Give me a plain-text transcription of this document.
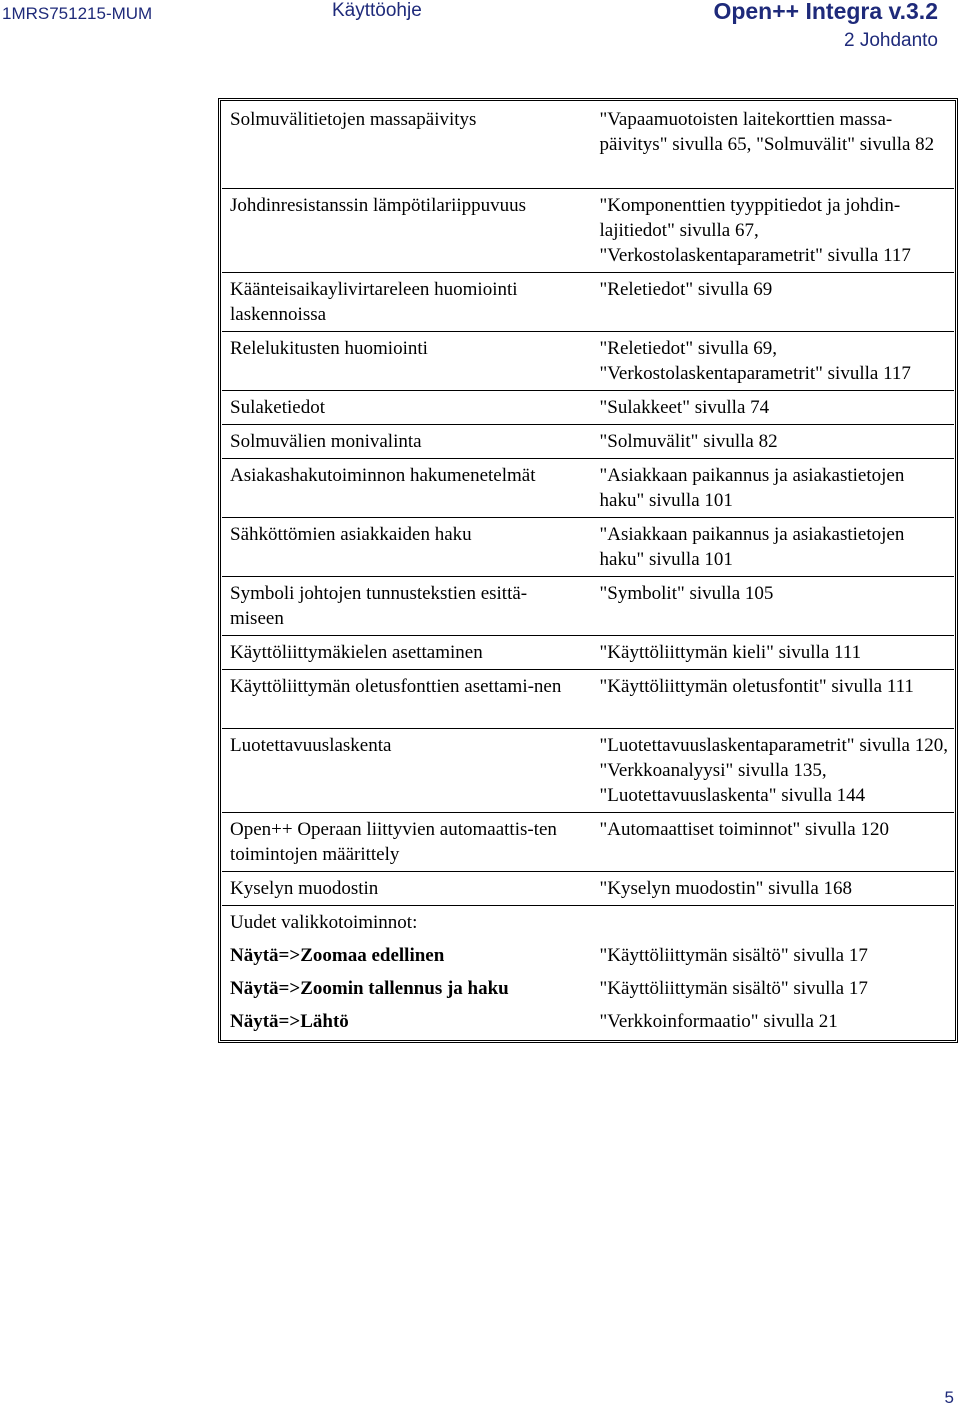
1MRS751215-MUM	Käyttöohje	Open++ Integra v.3.2
2 Johdanto
Solmuvälitietojen massapäivitys	"Vapaamuotoisten laitekorttien massa-päivitys" sivulla 65, "Solmuvälit" sivulla 82
Johdinresistanssin lämpötilariippuvuus	"Komponenttien tyyppitiedot ja johdin-lajitiedot" sivulla 67, "Verkostolaskentaparametrit" sivulla 117
Käänteisaikaylivirtareleen huomiointi laskennoissa	"Reletiedot" sivulla 69
Relelukitusten huomiointi	"Reletiedot" sivulla 69, "Verkostolaskentaparametrit" sivulla 117
Sulaketiedot	"Sulakkeet" sivulla 74
Solmuvälien monivalinta	"Solmuvälit" sivulla 82
Asiakashakutoiminnon hakumenetelmät	"Asiakkaan paikannus ja asiakastietojen haku" sivulla 101
Sähköttömien asiakkaiden haku	"Asiakkaan paikannus ja asiakastietojen haku" sivulla 101
Symboli johtojen tunnustekstien esittä-miseen	"Symbolit" sivulla 105
Käyttöliittymäkielen asettaminen	"Käyttöliittymän kieli" sivulla 111
Käyttöliittymän oletusfonttien asettami-nen	"Käyttöliittymän oletusfontit" sivulla 111
Luotettavuuslaskenta	"Luotettavuuslaskentaparametrit" sivulla 120, "Verkkoanalyysi" sivulla 135, "Luotettavuuslaskenta" sivulla 144
Open++ Operaan liittyvien automaattis-ten toimintojen määrittely	"Automaattiset toiminnot" sivulla 120
Kyselyn muodostin	"Kyselyn muodostin" sivulla 168
Uudet valikkotoiminnot:	
Näytä=>Zoomaa edellinen	"Käyttöliittymän sisältö" sivulla 17
Näytä=>Zoomin tallennus ja haku	"Käyttöliittymän sisältö" sivulla 17
Näytä=>Lähtö	"Verkkoinformaatio" sivulla 21
5
